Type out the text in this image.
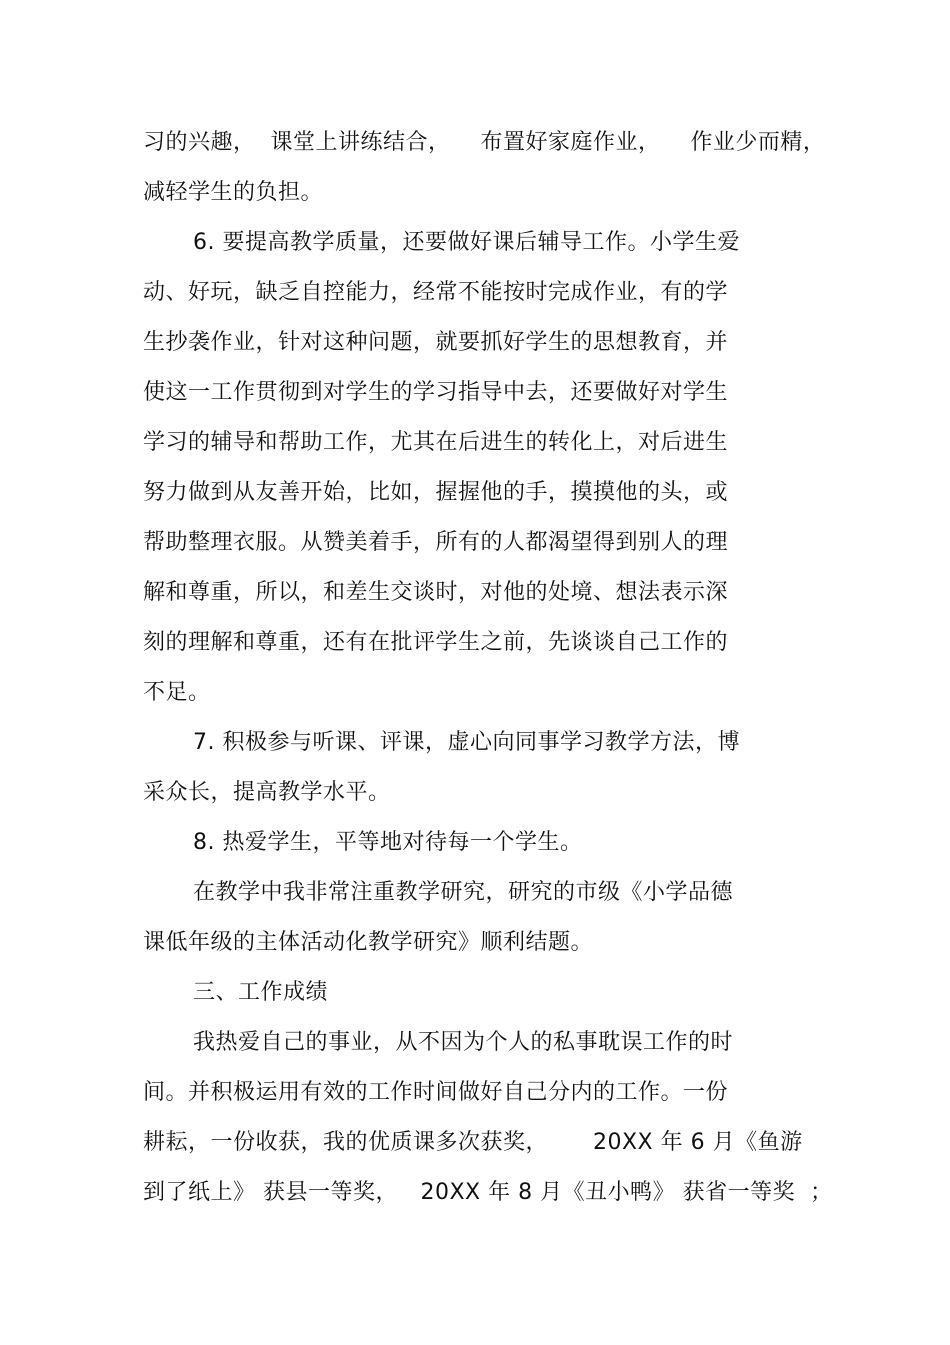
习的兴趣，  课堂上讲练结合，    布置好家庭作业，    作业少而精，
减轻学生的负担。
6. 要提高教学质量，还要做好课后辅导工作。小学生爱
动、好玩，缺乏自控能力，经常不能按时完成作业，有的学
生抄袭作业，针对这种问题，就要抓好学生的思想教育，并
使这一工作贯彻到对学生的学习指导中去，还要做好对学生
学习的辅导和帮助工作，尤其在后进生的转化上，对后进生
努力做到从友善开始，比如，握握他的手，摸摸他的头，或
帮助整理衣服。从赞美着手，所有的人都渴望得到别人的理
解和尊重，所以，和差生交谈时，对他的处境、想法表示深
刻的理解和尊重，还有在批评学生之前，先谈谈自己工作的
不足。
7. 积极参与听课、评课，虚心向同事学习教学方法，博
采众长，提高教学水平。
8. 热爱学生，平等地对待每一个学生。
在教学中我非常注重教学研究，研究的市级《小学品德
课低年级的主体活动化教学研究》顺利结题。
三、工作成绩
我热爱自己的事业，从不因为个人的私事耽误工作的时
间。并积极运用有效的工作时间做好自己分内的工作。一份
耕耘，一份收获，我的优质课多次获奖，      20XX 年 6 月《鱼游
到了纸上》 获县一等奖，   20XX 年 8 月《丑小鸭》 获省一等奖  ；
